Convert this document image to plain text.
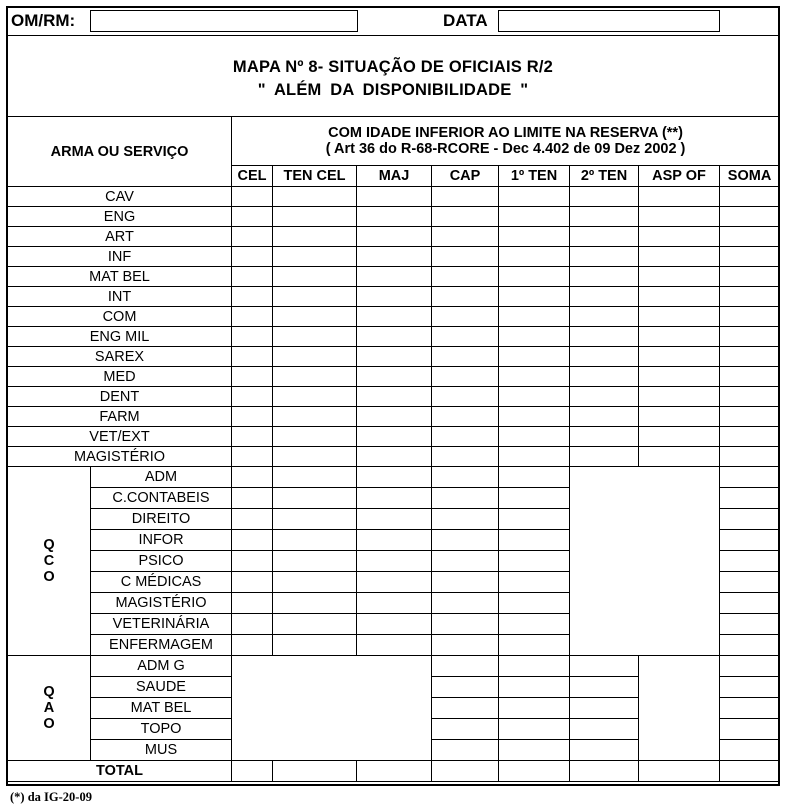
OM/RM:	DATA
MAPA Nº 8- SITUAÇÃO DE OFICIAIS R/2
" ALÉM DA DISPONIBILIDADE "
ARMA OU SERVIÇO		COM IDADE INFERIOR AO LIMITE NA RESERVA (**)
( Art 36 do R-68-RCORE - Dec 4.402 de 09 Dez 2002 )							

		CEL	TEN CEL	MAJ	CAP	1º TEN	2º TEN	ASP OF	SOMA
CAV									
ENG									
ART									
INF									
MAT BEL									
INT									
COM									
ENG MIL									
SAREX									
MED									
DENT									
FARM									
VET/EXT									
MAGISTÉRIO									

Q
C
O	ADM								
	C.CONTABEIS								
	DIREITO								
	INFOR								
	PSICO								
	C MÉDICAS								
	MAGISTÉRIO								
	VETERINÁRIA								
	ENFERMAGEM								

Q
A
O	ADM G								
	SAUDE								
	MAT BEL								
	TOPO								
	MUS								
TOTAL									
(*) da IG-20-09
